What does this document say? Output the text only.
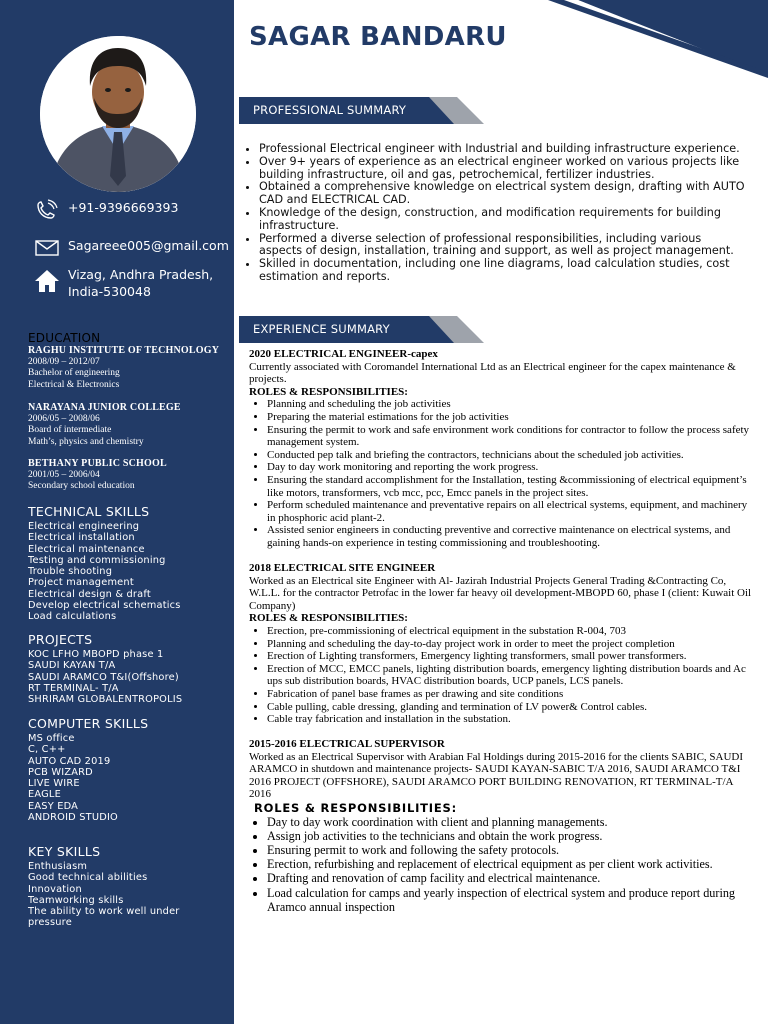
+91-9396669393
Sagareee005@gmail.com
Vizag, Andhra Pradesh,
India-530048
EDUCATION
RAGHU INSTITUTE OF TECHNOLOGY
2008/09 – 2012/07
Bachelor of engineering
Electrical & Electronics
NARAYANA JUNIOR COLLEGE
2006/05 – 2008/06
Board of intermediate
Math’s, physics and chemistry
BETHANY PUBLIC SCHOOL
2001/05 – 2006/04
Secondary school education
TECHNICAL SKILLS
Electrical engineering
Electrical installation
Electrical maintenance
Testing and commissioning
Trouble shooting
Project management
Electrical design & draft
Develop electrical schematics
Load calculations
PROJECTS
KOC LFHO MBOPD phase 1
SAUDI KAYAN T/A
SAUDI ARAMCO T&I(Offshore)
RT TERMINAL- T/A
SHRIRAM GLOBALENTROPOLIS
COMPUTER SKILLS
MS office
C, C++
AUTO CAD 2019
PCB WIZARD
LIVE WIRE
EAGLE
EASY EDA
ANDROID STUDIO
KEY SKILLS
Enthusiasm
Good technical abilities
Innovation
Teamworking skills
The ability to work well under
pressure
SAGAR BANDARU
PROFESSIONAL SUMMARY
• Professional Electrical engineer with Industrial and building infrastructure experience.
• Over 9+ years of experience as an electrical engineer worked on various projects like building infrastructure, oil and gas, petrochemical, fertilizer industries.
• Obtained a comprehensive knowledge on electrical system design, drafting with AUTO CAD and ELECTRICAL CAD.
• Knowledge of the design, construction, and modification requirements for building infrastructure.
• Performed a diverse selection of professional responsibilities, including various aspects of design, installation, training and support, as well as project management.
• Skilled in documentation, including one line diagrams, load calculation studies, cost estimation and reports.
EXPERIENCE SUMMARY
2020 ELECTRICAL ENGINEER-capex
Currently associated with Coromandel International Ltd as an Electrical engineer for the capex maintenance & projects.
ROLES & RESPONSIBILITIES:
• Planning and scheduling the job activities
• Preparing the material estimations for the job activities
• Ensuring the permit to work and safe environment work conditions for contractor to follow the process safety management system.
• Conducted pep talk and briefing the contractors, technicians about the scheduled job activities.
• Day to day work monitoring and reporting the work progress.
• Ensuring the standard accomplishment for the Installation, testing &commissioning of electrical equipment’s like motors, transformers, vcb mcc, pcc, Emcc panels in the project sites.
• Perform scheduled maintenance and preventative repairs on all electrical systems, equipment, and machinery in phosphoric acid plant-2.
• Assisted senior engineers in conducting preventive and corrective maintenance on electrical systems, and gaining hands-on experience in testing commissioning and troubleshooting.
2018 ELECTRICAL SITE ENGINEER
Worked as an Electrical site Engineer with Al- Jazirah Industrial Projects General Trading &Contracting Co, W.L.L. for the contractor Petrofac in the lower far heavy oil development-MBOPD 60, phase I (client: Kuwait Oil Company)
ROLES & RESPONSIBILITIES:
• Erection, pre-commissioning of electrical equipment in the substation R-004, 703
• Planning and scheduling the day-to-day project work in order to meet the project completion
• Erection of Lighting transformers, Emergency lighting transformers, small power transformers.
• Erection of MCC, EMCC panels, lighting distribution boards, emergency lighting distribution boards and Ac ups sub distribution boards, HVAC distribution boards, UCP panels, LCS panels.
• Fabrication of panel base frames as per drawing and site conditions
• Cable pulling, cable dressing, glanding and termination of LV power& Control cables.
• Cable tray fabrication and installation in the substation.
2015-2016 ELECTRICAL SUPERVISOR
Worked as an Electrical Supervisor with Arabian Fal Holdings during 2015-2016 for the clients SABIC, SAUDI ARAMCO in shutdown and maintenance projects- SAUDI KAYAN-SABIC T/A 2016, SAUDI ARAMCO T&I 2016 PROJECT (OFFSHORE), SAUDI ARAMCO PORT BUILDING RENOVATION, RT TERMINAL-T/A 2016
ROLES & RESPONSIBILITIES:
• Day to day work coordination with client and planning managements.
• Assign job activities to the technicians and obtain the work progress.
• Ensuring permit to work and following the safety protocols.
• Erection, refurbishing and replacement of electrical equipment as per client work activities.
• Drafting and renovation of camp facility and electrical maintenance.
• Load calculation for camps and yearly inspection of electrical system and produce report during Aramco annual inspection
